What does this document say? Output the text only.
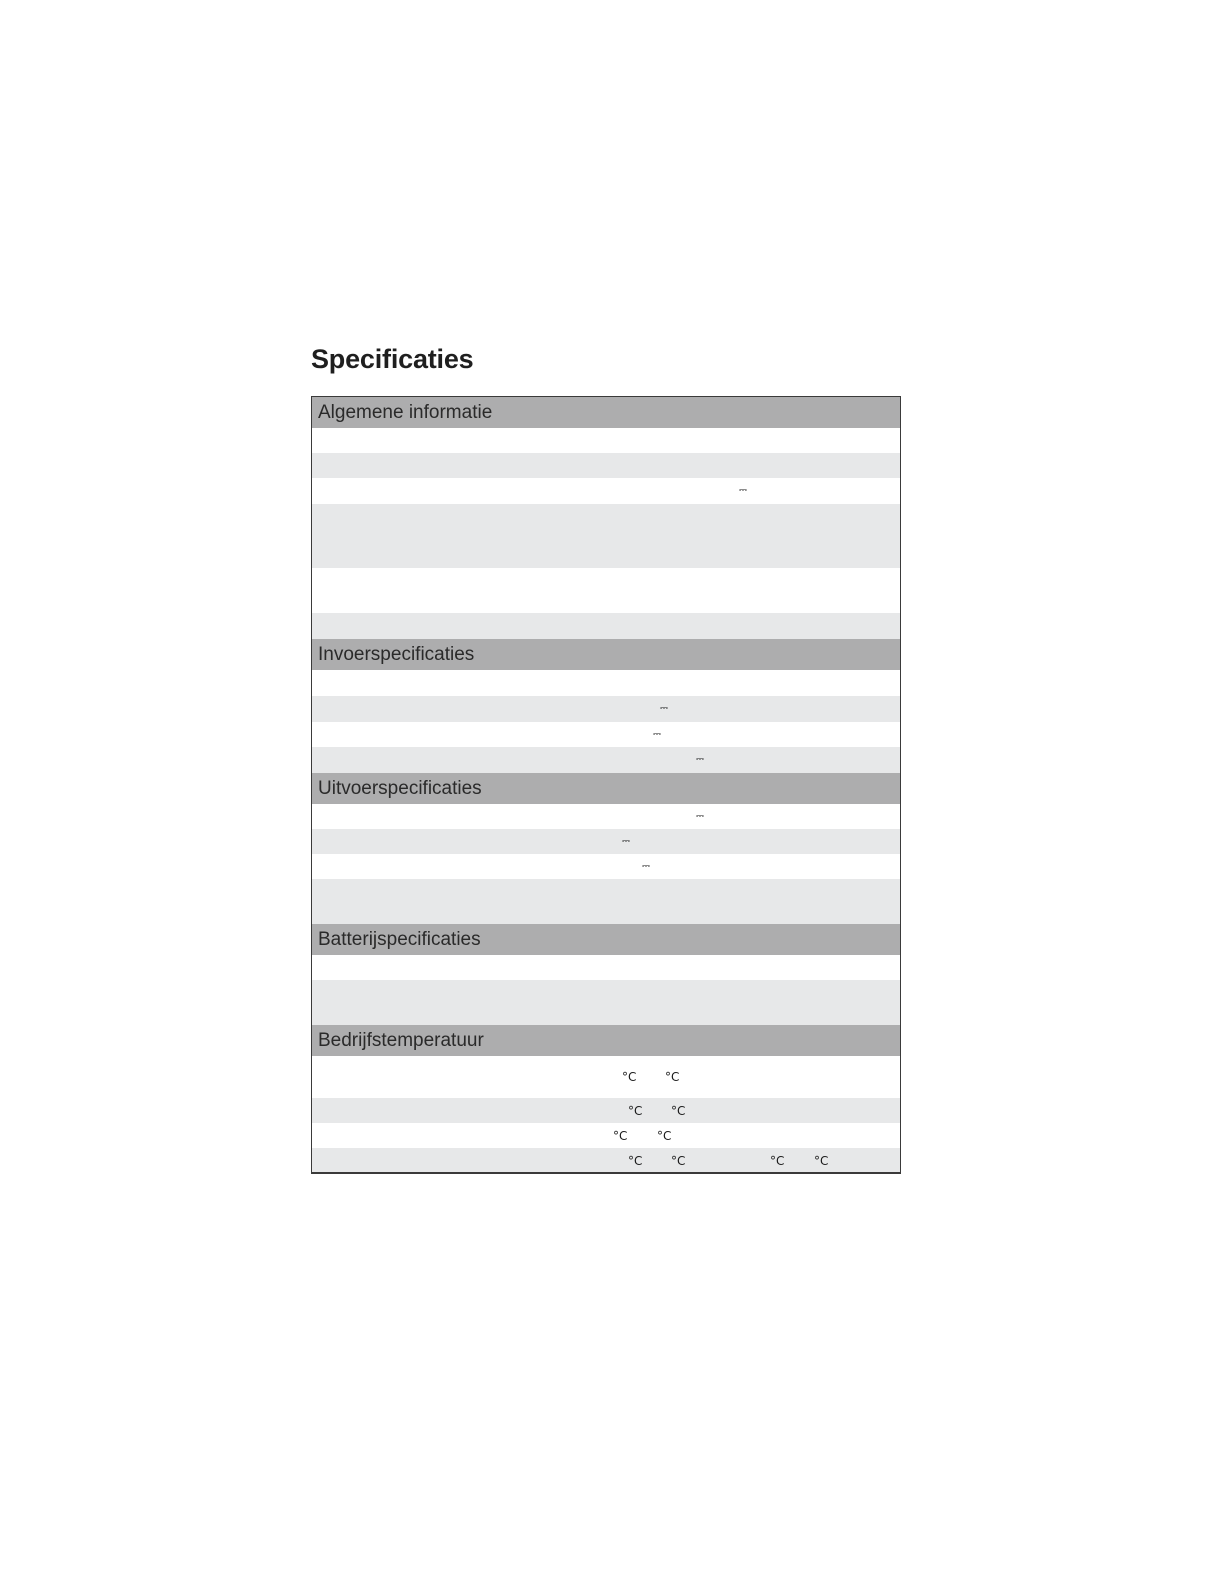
Specificaties
Algemene informatie
⎓
Invoerspecificaties
⎓
⎓
⎓
Uitvoerspecificaties
⎓
⎓
⎓
Batterijspecificaties
Bedrijfstemperatuur
°C °C
°C °C
°C °C
°C °C	°C °C
